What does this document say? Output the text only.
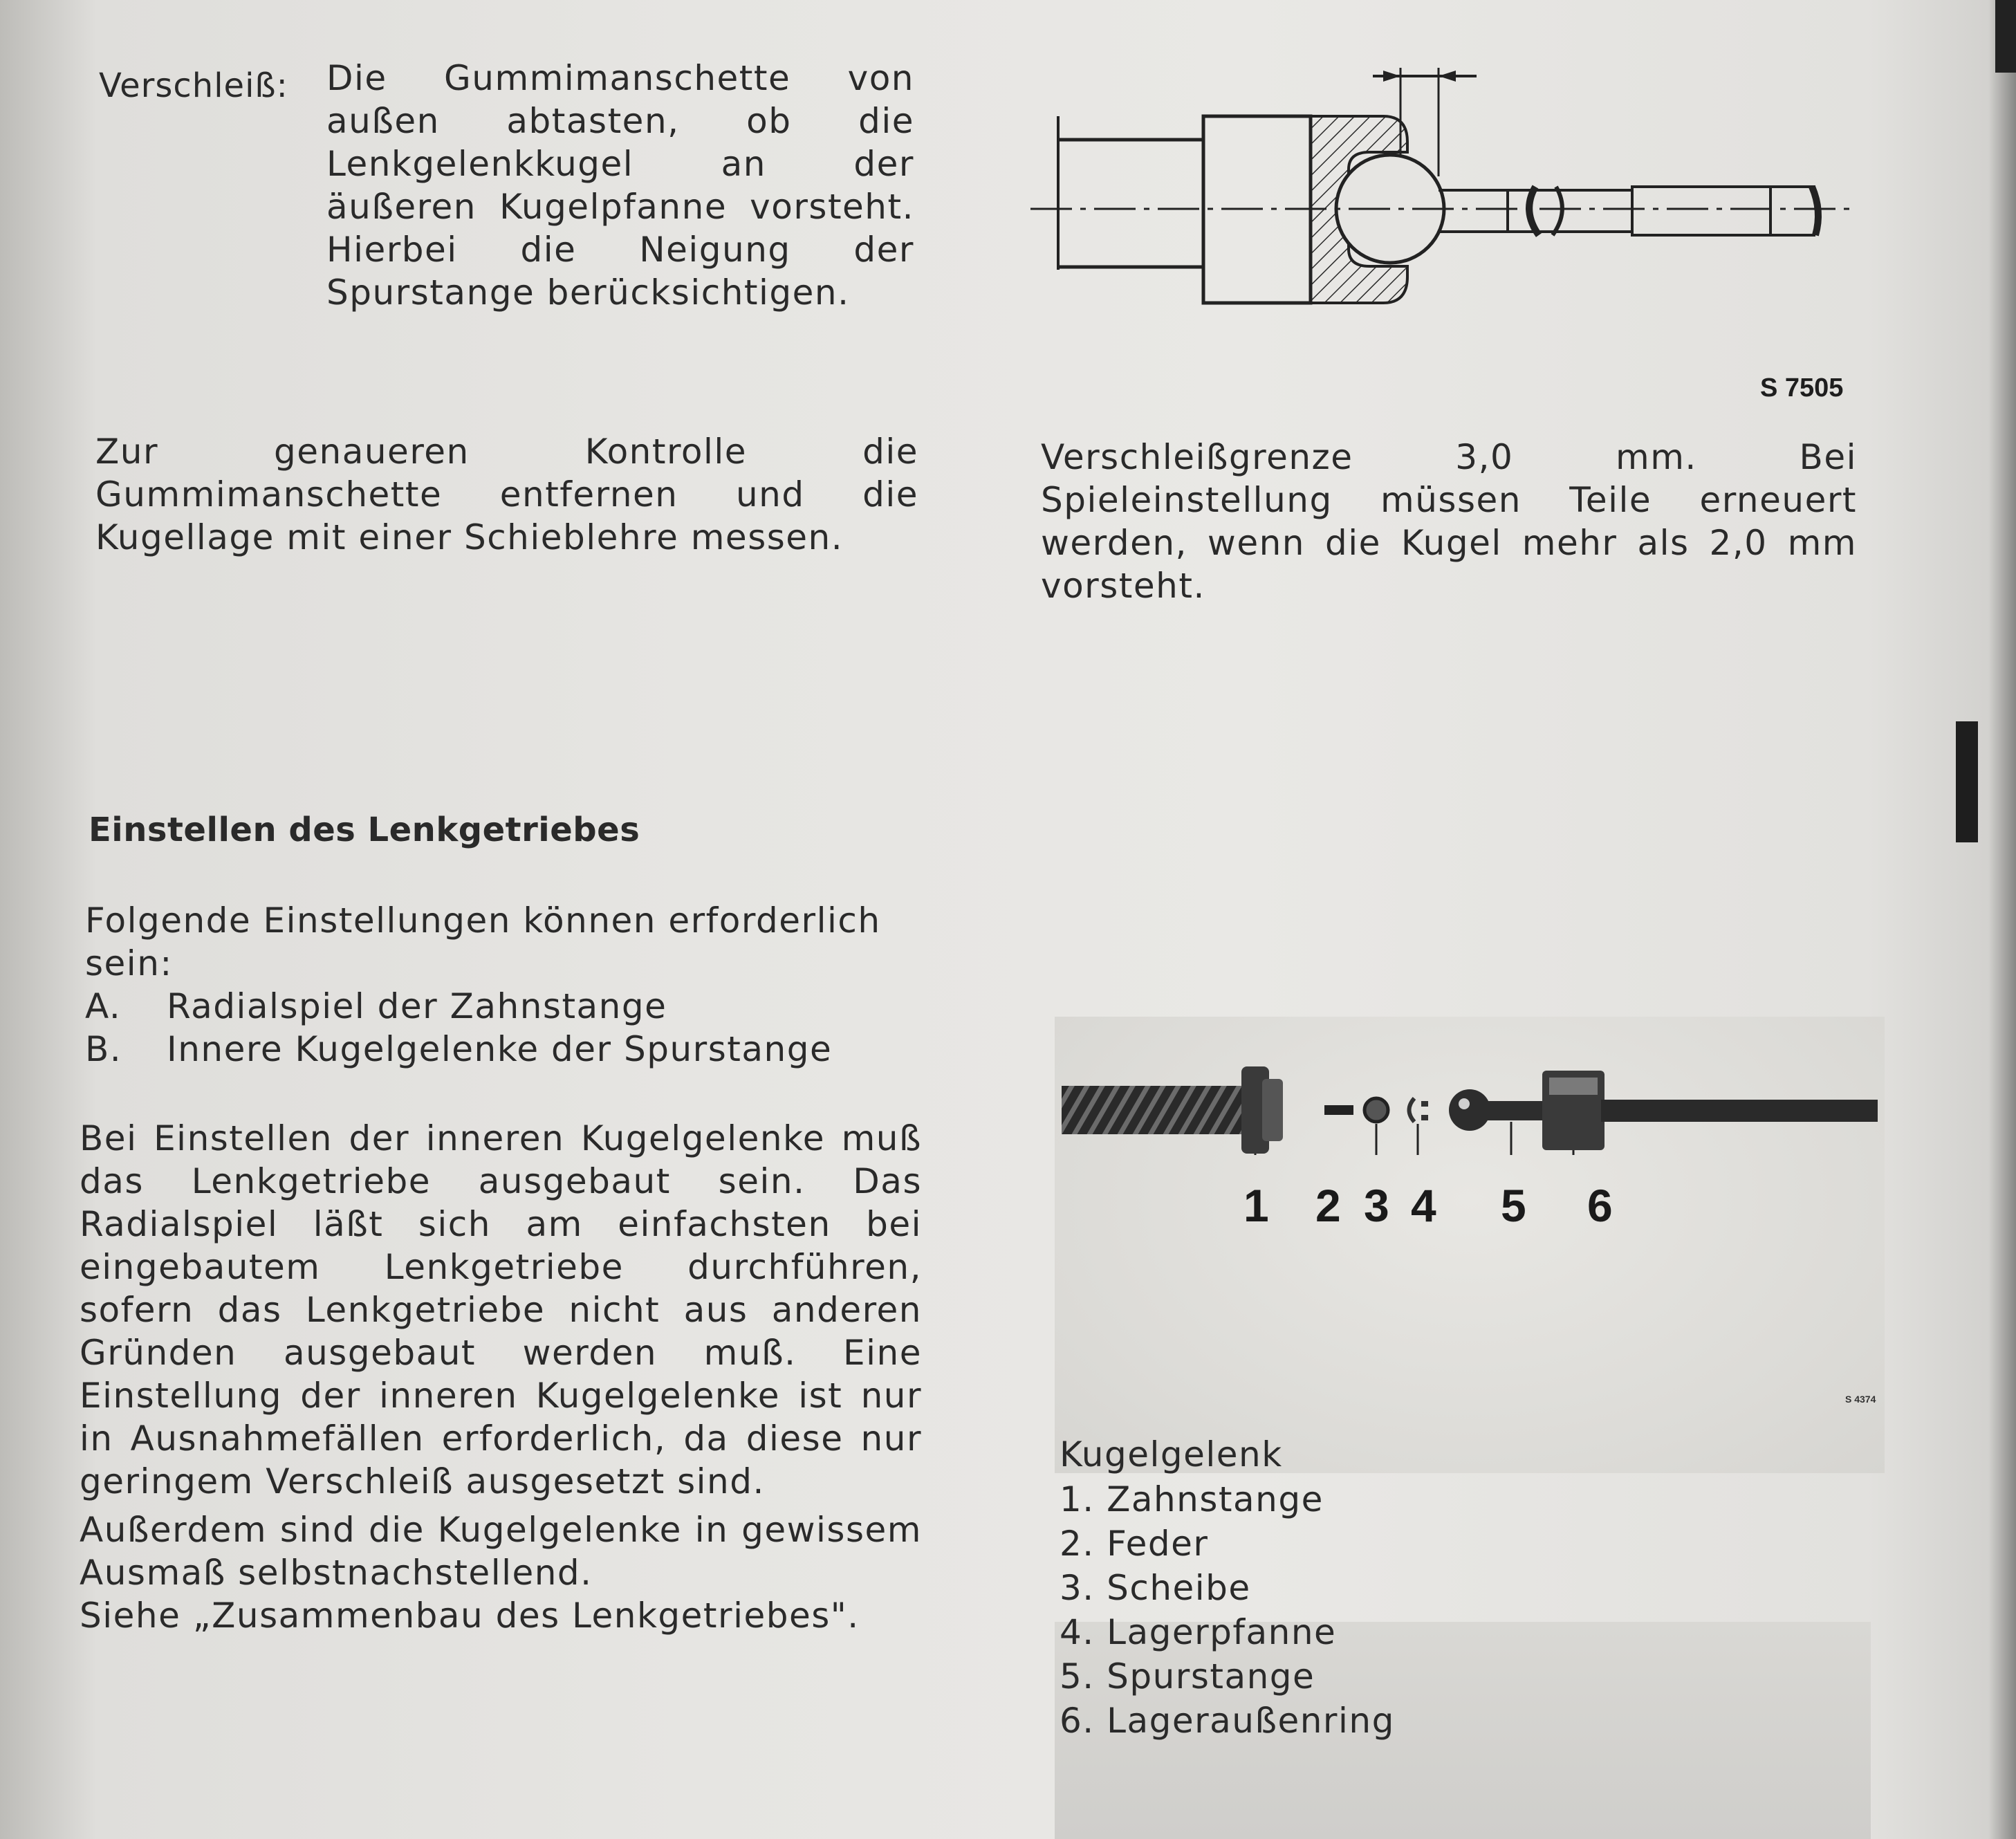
Verschleiß: Die Gummimanschette von außen abtasten, ob die Lenkgelenkkugel an der äußeren Kugelpfanne vorsteht. Hierbei die Neigung der Spurstange berücksichtigen.
Zur genaueren Kontrolle die Gummimanschette entfernen und die Kugellage mit einer Schieblehre messen.
Einstellen des Lenkgetriebes
Folgende Einstellungen können erforderlich sein:
A.	Radialspiel der Zahnstange
B.	Innere Kugelgelenke der Spurstange
Bei Einstellen der inneren Kugelgelenke muß das Lenkgetriebe ausgebaut sein. Das Radialspiel läßt sich am einfachsten bei eingebautem Lenkgetriebe durchführen, sofern das Lenkgetriebe nicht aus anderen Gründen ausgebaut werden muß. Eine Einstellung der inneren Kugelgelenke ist nur in Ausnahmefällen erforderlich, da diese nur geringem Verschleiß ausgesetzt sind.
Außerdem sind die Kugelgelenke in gewissem Ausmaß selbstnachstellend.
Siehe „Zusammenbau des Lenkgetriebes".
S 7505
Verschleißgrenze 3,0 mm. Bei Spieleinstellung müssen Teile erneuert werden, wenn die Kugel mehr als 2,0 mm vorsteht.
1 2 3 4 5 6
S 4374
Kugelgelenk
1. Zahnstange
2. Feder
3. Scheibe
4. Lagerpfanne
5. Spurstange
6. Lageraußenring
